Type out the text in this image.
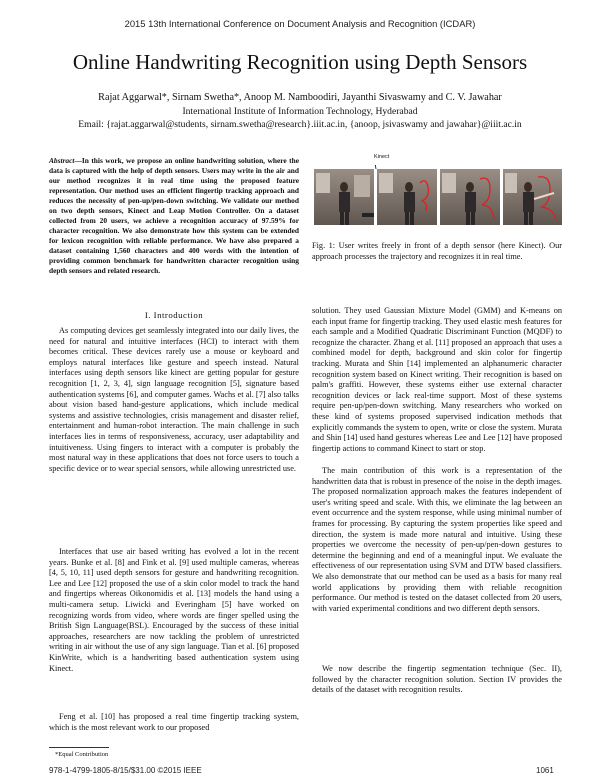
2015 13th International Conference on Document Analysis and Recognition (ICDAR)
Online Handwriting Recognition using Depth Sensors
Rajat Aggarwal*, Sirnam Swetha*, Anoop M. Namboodiri, Jayanthi Sivaswamy and C. V. Jawahar
International Institute of Information Technology, Hyderabad
Email: {rajat.aggarwal@students, sirnam.swetha@research}.iiit.ac.in, {anoop, jsivaswamy and jawahar}@iiit.ac.in
Abstract—In this work, we propose an online handwriting solution, where the data is captured with the help of depth sensors. Users may write in the air and our method recognizes it in real time using the proposed feature representation. Our method uses an efficient fingertip tracking approach and reduces the necessity of pen-up/pen-down switching. We validate our method on two depth sensors, Kinect and Leap Motion Controller. On a dataset collected from 20 users, we achieve a recognition accuracy of 97.59% for character recognition. We also demonstrate how this system can be extended for lexicon recognition with reliable performance. We have also prepared a dataset containing 1,560 characters and 400 words with the intention of providing common benchmark for handwritten character recognition using depth sensors and related research.
I. Introduction

As computing devices get seamlessly integrated into our daily lives, the need for natural and intuitive interfaces (HCI) to interact with them becomes critical. These devices rarely use a mouse or keyboard and employs natural interfaces like gesture and speech instead. Natural interfaces using depth sensors like kinect are getting popular for gesture recognition [1, 2, 3, 4], sign language recognition [5], signature based authentication systems [6], and computer games. Wachs et al. [7] also talks about vision based hand-gesture applications, which include medical systems and assistive technologies, crisis management and disaster relief, entertainment and human-robot interaction. The main challenge in such interfaces lies in terms of responsiveness, accuracy, user adaptability and intuitiveness. Using fingers to interact with a computer is probably the most natural way in these applications that does not force users to touch a specific device or to wear special sensors, while allowing unrestricted use.

Interfaces that use air based writing has evolved a lot in the recent years. Bunke et al. [8] and Fink et al. [9] used multiple cameras, whereas [4, 5, 10, 11] used depth sensors for gesture and handwriting recognition. Lee and Lee [12] proposed the use of a skin color model to track the hand and fingertips whereas Oikonomidis et al. [13] models the hand using a multi-camera setup. Liwicki and Everingham [5] have worked on recognizing words from video, where words are finger spelled using the British Sign Language(BSL). Encouraged by the success of these initial approaches, researchers are now tackling the problem of unrestricted writing in air without the use of any sign language. Tian et al. [6] proposed KinWrite, which is a handwriting based authentication system using Kinect.

Feng et al. [10] has proposed a real time fingertip tracking system, which is the most relevant work to our proposed

Kinect
Fig. 1: User writes freely in front of a depth sensor (here Kinect). Our approach processes the trajectory and recognizes it in real time.

solution. They used Gaussian Mixture Model (GMM) and K-means on each input frame for fingertip tracking. They used elastic mesh features for each sample and a Modified Quadratic Discriminant Function (MQDF) to recognize the character. Zhang et al. [11] proposed an approach that uses a combined model for depth, background and skin color for fingertip tracking. Murata and Shin [14] implemented an alphanumeric character recognition system based on Kinect writing. Their recognition is based on palm's graffiti. However, these systems either use external character recognition devices or lack real-time support. Most of these systems require pen-up/pen-down switching. Many researchers who worked on these kind of systems proposed supervised indication methods that explicitly commands the system to open, write or close the system. Murata and Shin [14] used hand gestures whereas Lee and Lee [12] have proposed fingertip actions to command Kinect to start or stop.

The main contribution of this work is a representation of the handwritten data that is robust in presence of the noise in the depth images. The proposed normalization approach makes the features independent of user's writing speed and scale. With this, we eliminate the lag between an event occurrence and the system response, while using minimal number of frames for processing. By capturing the system properties like speed and direction, the system is made more natural and intuitive. Using these properties we overcome the necessity of pen-up/pen-down gestures to determine the beginning and end of a meaningful input. We evaluate the effectiveness of our representation using SVM and DTW based classifiers. We also demonstrate that our method can be used as a basis for many real world applications by providing them with reliable recognition performance. Our method is tested on the dataset collected from 20 users, with varied experimental conditions and two different depth sensors.

We now describe the fingertip segmentation technique (Sec. II), followed by the character recognition solution. Section IV provides the details of the dataset with recognition results.

*Equal Contribution
978-1-4799-1805-8/15/$31.00 ©2015 IEEE	1061
